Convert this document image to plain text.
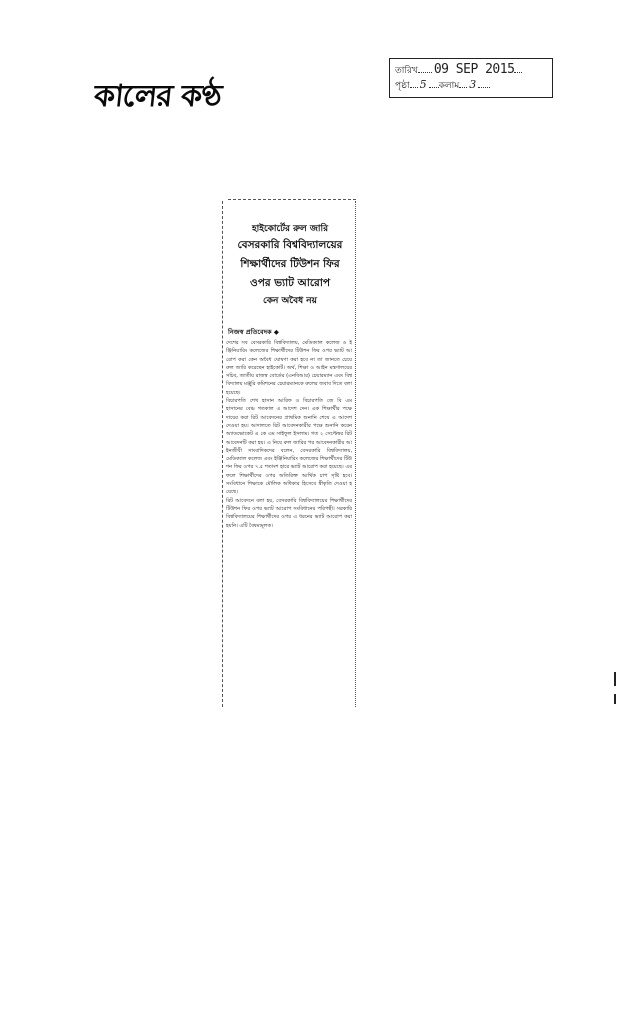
কালের কণ্ঠ
তারিখ 09 SEP 2015
পৃষ্ঠা 5 কলাম 3
হাইকোর্টের রুল জারি
বেসরকারি বিশ্ববিদ্যালয়ের
শিক্ষার্থীদের টিউশন ফির
ওপর ভ্যাট আরোপ
কেন অবৈধ নয়
নিজস্ব প্রতিবেদক ◆

দেশের সব বেসরকারি বিশ্ববিদ্যালয়, মেডিক্যাল কলেজ ও ইঞ্জিনিয়ারিং কলেজের শিক্ষার্থীদের টিউশন ফির ওপর ভ্যাট আরোপ করা কেন অবৈধ ঘোষণা করা হবে না তা জানতে চেয়ে রুল জারি করেছেন হাইকোর্ট। অর্থ, শিক্ষা ও আইন মন্ত্রণালয়ের সচিব, জাতীয় রাজস্ব বোর্ডের (এনবিআর) চেয়ারম্যান এবং বিশ্ববিদ্যালয় মঞ্জুরি কমিশনের চেয়ারম্যানকে রুলের জবাব দিতে বলা হয়েছে।

বিচারপতি শেখ হাসান আরিফ ও বিচারপতি জে বি এম হাসানের বেঞ্চ গতকাল এ আদেশ দেন। এক শিক্ষার্থীর পক্ষে দায়ের করা রিট আবেদনের প্রাথমিক শুনানি শেষে এ আদেশ দেওয়া হয়। আদালতে রিট আবেদনকারীর পক্ষে শুনানি করেন অ্যাডভোকেট এ কে এম সাইফুল ইসলাম। গত ২ সেপ্টেম্বর রিট আবেদনটি করা হয়। এ নিয়ে রুল জারির পর আবেদনকারীর আইনজীবী সাংবাদিকদের বলেন, বেসরকারি বিশ্ববিদ্যালয়, মেডিক্যাল কলেজ এবং ইঞ্জিনিয়ারিং কলেজের শিক্ষার্থীদের টিউশন ফির ওপর ৭.৫ শতাংশ হারে ভ্যাট আরোপ করা হয়েছে। এর ফলে শিক্ষার্থীদের ওপর অতিরিক্ত আর্থিক চাপ সৃষ্টি হবে। সংবিধানে শিক্ষাকে মৌলিক অধিকার হিসেবে স্বীকৃতি দেওয়া হয়েছে।

রিট আবেদনে বলা হয়, বেসরকারি বিশ্ববিদ্যালয়ের শিক্ষার্থীদের টিউশন ফির ওপর ভ্যাট আরোপ সংবিধানের পরিপন্থী। সরকারি বিশ্ববিদ্যালয়ের শিক্ষার্থীদের ওপর এ ধরনের ভ্যাট আরোপ করা হয়নি। এটি বৈষম্যমূলক।
